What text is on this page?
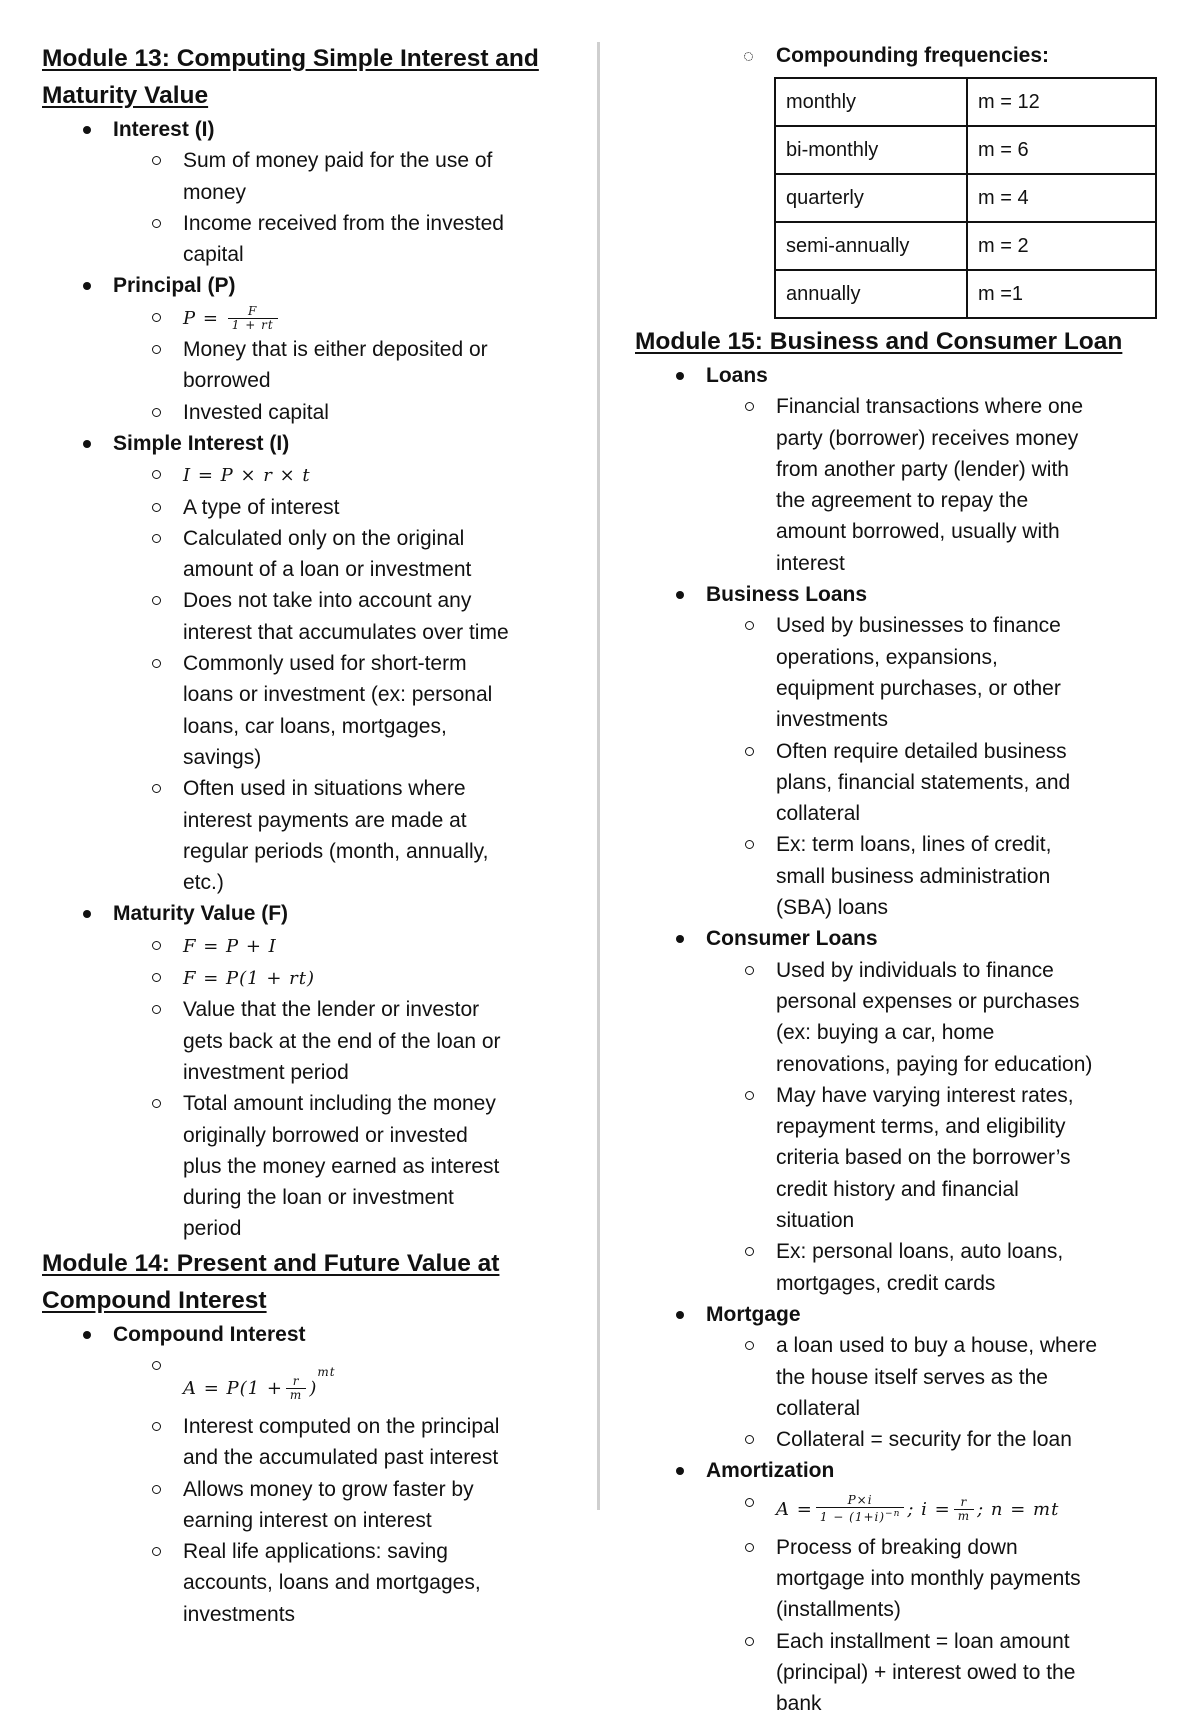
Module 13: Computing Simple Interest and Maturity Value
Interest (I)
Sum of money paid for the use of money
Income received from the invested capital
Principal (P)
$P = \frac{F}{1 + rt}$
Money that is either deposited or borrowed
Invested capital
Simple Interest (I)
I = P × r × t
A type of interest
Calculated only on the original amount of a loan or investment
Does not take into account any interest that accumulates over time
Commonly used for short-term loans or investment (ex: personal loans, car loans, mortgages, savings)
Often used in situations where interest payments are made at regular periods (month, annually, etc.)
Maturity Value (F)
F = P + I
F = P(1 + rt)
Value that the lender or investor gets back at the end of the loan or investment period
Total amount including the money originally borrowed or invested plus the money earned as interest during the loan or investment period
Module 14: Present and Future Value at Compound Interest
Compound Interest
$A = P(1 + \frac{r}{m} )^{mt}$
Interest computed on the principal and the accumulated past interest
Allows money to grow faster by earning interest on interest
Real life applications: saving accounts, loans and mortgages, investments
Compounding frequencies:
monthly	m = 12
bi-monthly	m = 6
quarterly	m = 4
semi-annually	m = 2
annually	m =1
Module 15: Business and Consumer Loan
Loans
Financial transactions where one party (borrower) receives money from another party (lender) with the agreement to repay the amount borrowed, usually with interest
Business Loans
Used by businesses to finance operations, expansions, equipment purchases, or other investments
Often require detailed business plans, financial statements, and collateral
Ex: term loans, lines of credit, small business administration (SBA) loans
Consumer Loans
Used by individuals to finance personal expenses or purchases (ex: buying a car, home renovations, paying for education)
May have varying interest rates, repayment terms, and eligibility criteria based on the borrower’s credit history and financial situation
Ex: personal loans, auto loans, mortgages, credit cards
Mortgage
a loan used to buy a house, where the house itself serves as the collateral
Collateral = security for the loan
Amortization
$A = \frac{P\times i}{1 - (1+i)^{-n}}$ ; $i = \frac{r}{m}$ ; n = mt
Process of breaking down mortgage into monthly payments (installments)
Each installment = loan amount (principal) + interest owed to the bank
